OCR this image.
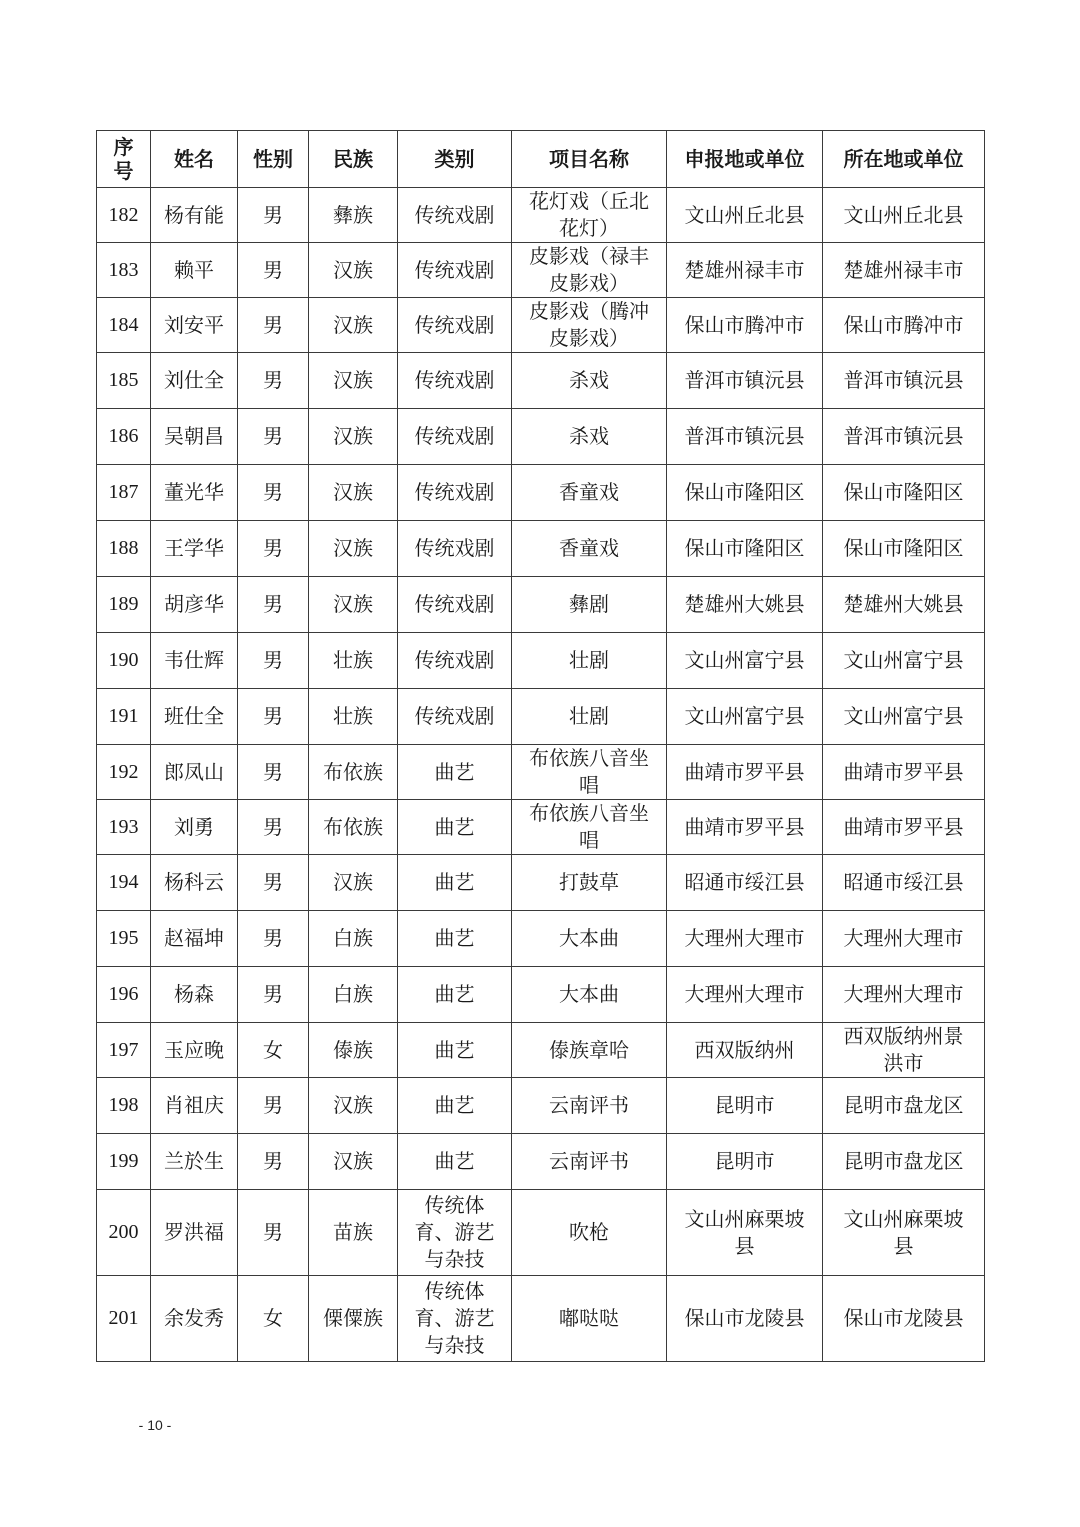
序号	姓名	性别	民族	类别	项目名称	申报地或单位	所在地或单位
182	杨有能	男	彝族	传统戏剧	花灯戏（丘北花灯）	文山州丘北县	文山州丘北县
183	赖平	男	汉族	传统戏剧	皮影戏（禄丰皮影戏）	楚雄州禄丰市	楚雄州禄丰市
184	刘安平	男	汉族	传统戏剧	皮影戏（腾冲皮影戏）	保山市腾冲市	保山市腾冲市
185	刘仕全	男	汉族	传统戏剧	杀戏	普洱市镇沅县	普洱市镇沅县
186	吴朝昌	男	汉族	传统戏剧	杀戏	普洱市镇沅县	普洱市镇沅县
187	董光华	男	汉族	传统戏剧	香童戏	保山市隆阳区	保山市隆阳区
188	王学华	男	汉族	传统戏剧	香童戏	保山市隆阳区	保山市隆阳区
189	胡彦华	男	汉族	传统戏剧	彝剧	楚雄州大姚县	楚雄州大姚县
190	韦仕辉	男	壮族	传统戏剧	壮剧	文山州富宁县	文山州富宁县
191	班仕全	男	壮族	传统戏剧	壮剧	文山州富宁县	文山州富宁县
192	郎凤山	男	布依族	曲艺	布依族八音坐唱	曲靖市罗平县	曲靖市罗平县
193	刘勇	男	布依族	曲艺	布依族八音坐唱	曲靖市罗平县	曲靖市罗平县
194	杨科云	男	汉族	曲艺	打鼓草	昭通市绥江县	昭通市绥江县
195	赵福坤	男	白族	曲艺	大本曲	大理州大理市	大理州大理市
196	杨森	男	白族	曲艺	大本曲	大理州大理市	大理州大理市
197	玉应晚	女	傣族	曲艺	傣族章哈	西双版纳州	西双版纳州景洪市
198	肖祖庆	男	汉族	曲艺	云南评书	昆明市	昆明市盘龙区
199	兰於生	男	汉族	曲艺	云南评书	昆明市	昆明市盘龙区
200	罗洪福	男	苗族	传统体育、游艺与杂技	吹枪	文山州麻栗坡县	文山州麻栗坡县
201	余发秀	女	傈僳族	传统体育、游艺与杂技	嘟哒哒	保山市龙陵县	保山市龙陵县
- 10 -
